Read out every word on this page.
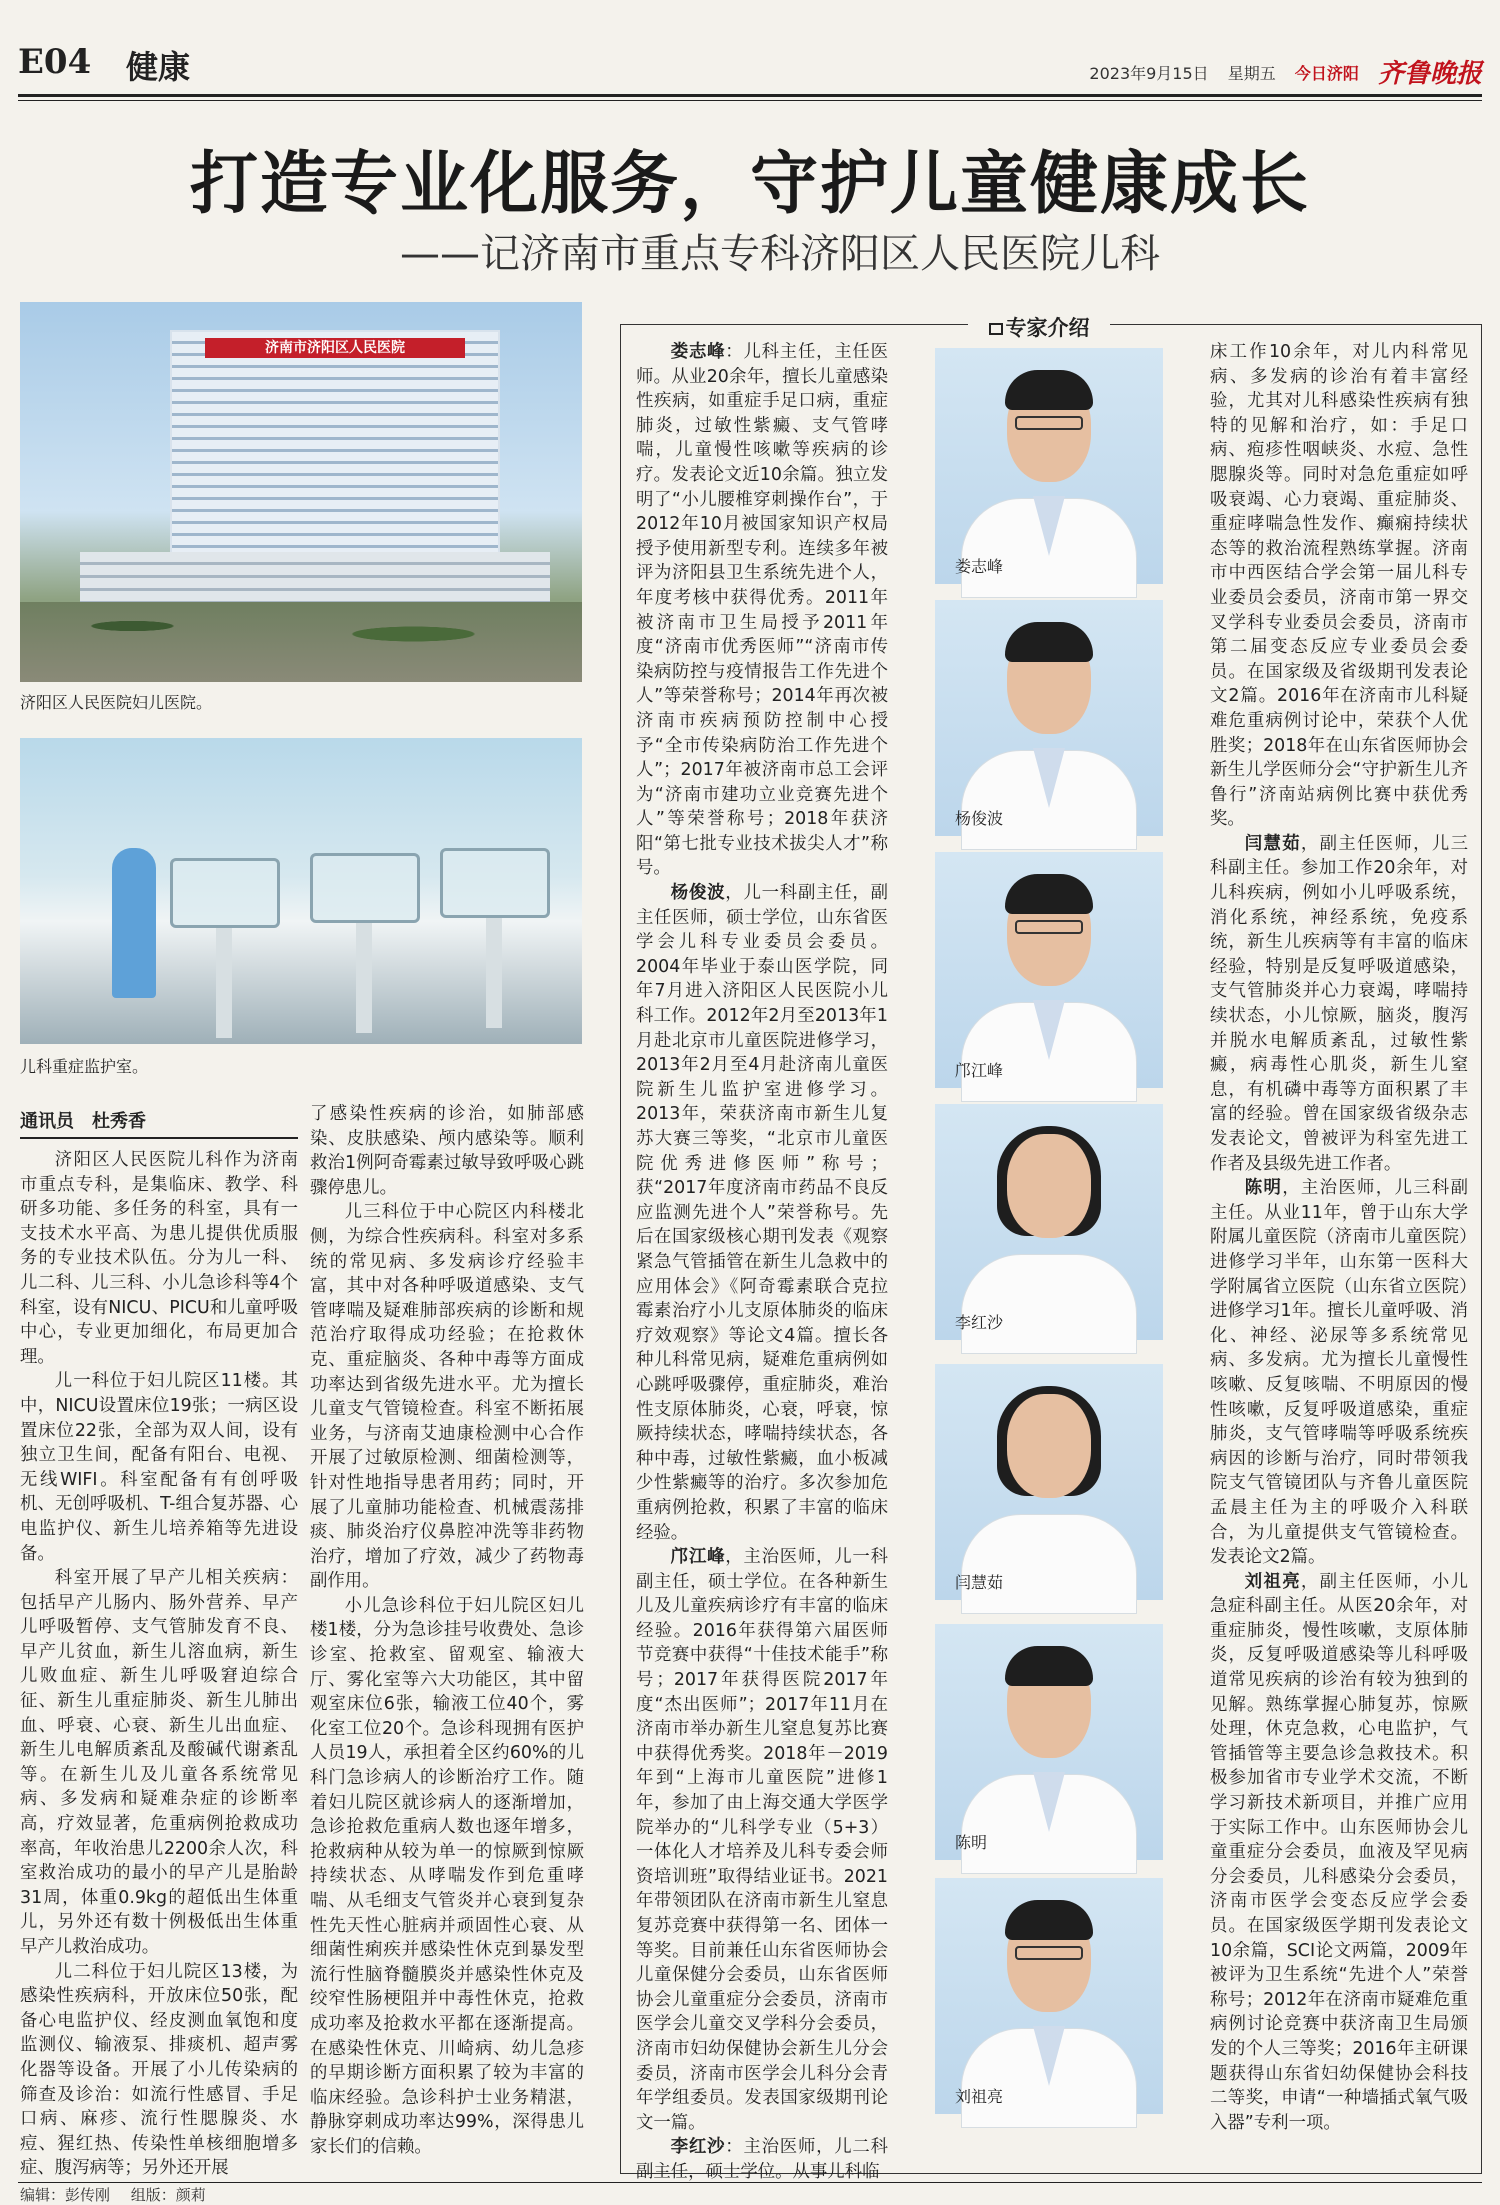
E04 健康	2023年9月15日 星期五 今日济阳 齐鲁晚报
打造专业化服务，守护儿童健康成长
——记济南市重点专科济阳区人民医院儿科
济南市济阳区人民医院
济阳区人民医院妇儿医院。
儿科重症监护室。
通讯员　杜秀香

济阳区人民医院儿科作为济南市重点专科，是集临床、教学、科研多功能、多任务的科室，具有一支技术水平高、为患儿提供优质服务的专业技术队伍。分为儿一科、儿二科、儿三科、小儿急诊科等4个科室，设有NICU、PICU和儿童呼吸中心，专业更加细化，布局更加合理。

儿一科位于妇儿院区11楼。其中，NICU设置床位19张；一病区设置床位22张，全部为双人间，设有独立卫生间，配备有阳台、电视、无线WIFI。科室配备有有创呼吸机、无创呼吸机、T-组合复苏器、心电监护仪、新生儿培养箱等先进设备。

科室开展了早产儿相关疾病：包括早产儿肠内、肠外营养、早产儿呼吸暂停、支气管肺发育不良、早产儿贫血，新生儿溶血病，新生儿败血症、新生儿呼吸窘迫综合征、新生儿重症肺炎、新生儿肺出血、呼衰、心衰、新生儿出血症、新生儿电解质紊乱及酸碱代谢紊乱等。在新生儿及儿童各系统常见病、多发病和疑难杂症的诊断率高，疗效显著，危重病例抢救成功率高，年收治患儿2200余人次，科室救治成功的最小的早产儿是胎龄31周，体重0.9kg的超低出生体重儿，另外还有数十例极低出生体重早产儿救治成功。

儿二科位于妇儿院区13楼，为感染性疾病科，开放床位50张，配备心电监护仪、经皮测血氧饱和度监测仪、输液泵、排痰机、超声雾化器等设备。开展了小儿传染病的筛查及诊治：如流行性感冒、手足口病、麻疹、流行性腮腺炎、水痘、猩红热、传染性单核细胞增多症、腹泻病等；另外还开展

了感染性疾病的诊治，如肺部感染、皮肤感染、颅内感染等。顺利救治1例阿奇霉素过敏导致呼吸心跳骤停患儿。

儿三科位于中心院区内科楼北侧，为综合性疾病科。科室对多系统的常见病、多发病诊疗经验丰富，其中对各种呼吸道感染、支气管哮喘及疑难肺部疾病的诊断和规范治疗取得成功经验；在抢救休克、重症脑炎、各种中毒等方面成功率达到省级先进水平。尤为擅长儿童支气管镜检查。科室不断拓展业务，与济南艾迪康检测中心合作开展了过敏原检测、细菌检测等，针对性地指导患者用药；同时，开展了儿童肺功能检查、机械震荡排痰、肺炎治疗仪鼻腔冲洗等非药物治疗，增加了疗效，减少了药物毒副作用。

小儿急诊科位于妇儿院区妇儿楼1楼，分为急诊挂号收费处、急诊诊室、抢救室、留观室、输液大厅、雾化室等六大功能区，其中留观室床位6张，输液工位40个，雾化室工位20个。急诊科现拥有医护人员19人，承担着全区约60%的儿科门急诊病人的诊断治疗工作。随着妇儿院区就诊病人的逐渐增加，急诊抢救危重病人数也逐年增多，抢救病种从较为单一的惊厥到惊厥持续状态、从哮喘发作到危重哮喘、从毛细支气管炎并心衰到复杂性先天性心脏病并顽固性心衰、从细菌性痢疾并感染性休克到暴发型流行性脑脊髓膜炎并感染性休克及绞窄性肠梗阻并中毒性休克，抢救成功率及抢救水平都在逐渐提高。在感染性休克、川崎病、幼儿急疹的早期诊断方面积累了较为丰富的临床经验。急诊科护士业务精湛，静脉穿刺成功率达99%，深得患儿家长们的信赖。

专家介绍

娄志峰：儿科主任，主任医师。从业20余年，擅长儿童感染性疾病，如重症手足口病，重症肺炎，过敏性紫癜、支气管哮喘，儿童慢性咳嗽等疾病的诊疗。发表论文近10余篇。独立发明了“小儿腰椎穿刺操作台”，于2012年10月被国家知识产权局授予使用新型专利。连续多年被评为济阳县卫生系统先进个人，年度考核中获得优秀。2011年被济南市卫生局授予2011年度“济南市优秀医师”“济南市传染病防控与疫情报告工作先进个人”等荣誉称号；2014年再次被济南市疾病预防控制中心授予“全市传染病防治工作先进个人”；2017年被济南市总工会评为“济南市建功立业竞赛先进个人”等荣誉称号；2018年获济阳“第七批专业技术拔尖人才”称号。

杨俊波，儿一科副主任，副主任医师，硕士学位，山东省医学会儿科专业委员会委员。2004年毕业于泰山医学院，同年7月进入济阳区人民医院小儿科工作。2012年2月至2013年1月赴北京市儿童医院进修学习，2013年2月至4月赴济南儿童医院新生儿监护室进修学习。2013年，荣获济南市新生儿复苏大赛三等奖，“北京市儿童医院优秀进修医师”称号；获“2017年度济南市药品不良反应监测先进个人”荣誉称号。先后在国家级核心期刊发表《观察紧急气管插管在新生儿急救中的应用体会》《阿奇霉素联合克拉霉素治疗小儿支原体肺炎的临床疗效观察》等论文4篇。擅长各种儿科常见病，疑难危重病例如心跳呼吸骤停，重症肺炎，难治性支原体肺炎，心衰，呼衰，惊厥持续状态，哮喘持续状态，各种中毒，过敏性紫癜，血小板减少性紫癜等的治疗。多次参加危重病例抢救，积累了丰富的临床经验。

邝江峰，主治医师，儿一科副主任，硕士学位。在各种新生儿及儿童疾病诊疗有丰富的临床经验。2016年获得第六届医师节竞赛中获得“十佳技术能手”称号；2017年获得医院2017年度“杰出医师”；2017年11月在济南市举办新生儿窒息复苏比赛中获得优秀奖。2018年－2019年到“上海市儿童医院”进修1年，参加了由上海交通大学医学院举办的“儿科学专业（5+3）一体化人才培养及儿科专委会师资培训班”取得结业证书。2021年带领团队在济南市新生儿窒息复苏竞赛中获得第一名、团体一等奖。目前兼任山东省医师协会儿童保健分会委员，山东省医师协会儿童重症分会委员，济南市医学会儿童交叉学科分会委员，济南市妇幼保健协会新生儿分会委员，济南市医学会儿科分会青年学组委员。发表国家级期刊论文一篇。

李红沙：主治医师，儿二科副主任，硕士学位。从事儿科临

床工作10余年，对儿内科常见病、多发病的诊治有着丰富经验，尤其对儿科感染性疾病有独特的见解和治疗，如：手足口病、疱疹性咽峡炎、水痘、急性腮腺炎等。同时对急危重症如呼吸衰竭、心力衰竭、重症肺炎、重症哮喘急性发作、癫痫持续状态等的救治流程熟练掌握。济南市中西医结合学会第一届儿科专业委员会委员，济南市第一界交叉学科专业委员会委员，济南市第二届变态反应专业委员会委员。在国家级及省级期刊发表论文2篇。2016年在济南市儿科疑难危重病例讨论中，荣获个人优胜奖；2018年在山东省医师协会新生儿学医师分会“守护新生儿齐鲁行”济南站病例比赛中获优秀奖。

闫慧茹，副主任医师，儿三科副主任。参加工作20余年，对儿科疾病，例如小儿呼吸系统，消化系统，神经系统，免疫系统，新生儿疾病等有丰富的临床经验，特别是反复呼吸道感染，支气管肺炎并心力衰竭，哮喘持续状态，小儿惊厥，脑炎，腹泻并脱水电解质紊乱，过敏性紫癜，病毒性心肌炎，新生儿窒息，有机磷中毒等方面积累了丰富的经验。曾在国家级省级杂志发表论文，曾被评为科室先进工作者及县级先进工作者。

陈明，主治医师，儿三科副主任。从业11年，曾于山东大学附属儿童医院（济南市儿童医院）进修学习半年，山东第一医科大学附属省立医院（山东省立医院）进修学习1年。擅长儿童呼吸、消化、神经、泌尿等多系统常见病、多发病。尤为擅长儿童慢性咳嗽、反复咳喘、不明原因的慢性咳嗽，反复呼吸道感染，重症肺炎，支气管哮喘等呼吸系统疾病因的诊断与治疗，同时带领我院支气管镜团队与齐鲁儿童医院孟晨主任为主的呼吸介入科联合，为儿童提供支气管镜检查。发表论文2篇。

刘祖亮，副主任医师，小儿急症科副主任。从医20余年，对重症肺炎，慢性咳嗽，支原体肺炎，反复呼吸道感染等儿科呼吸道常见疾病的诊治有较为独到的见解。熟练掌握心肺复苏，惊厥处理，休克急救，心电监护，气管插管等主要急诊急救技术。积极参加省市专业学术交流，不断学习新技术新项目，并推广应用于实际工作中。山东医师协会儿童重症分会委员，血液及罕见病分会委员，儿科感染分会委员，济南市医学会变态反应学会委员。在国家级医学期刊发表论文10余篇，SCI论文两篇，2009年被评为卫生系统“先进个人”荣誉称号；2012年在济南市疑难危重病例讨论竞赛中获济南卫生局颁发的个人三等奖；2016年主研课题获得山东省妇幼保健协会科技二等奖，申请“一种墙插式氧气吸入器”专利一项。

娄志峰
杨俊波
邝江峰
李红沙
闫慧茹
陈明
刘祖亮
编辑：彭传刚 组版：颜莉
